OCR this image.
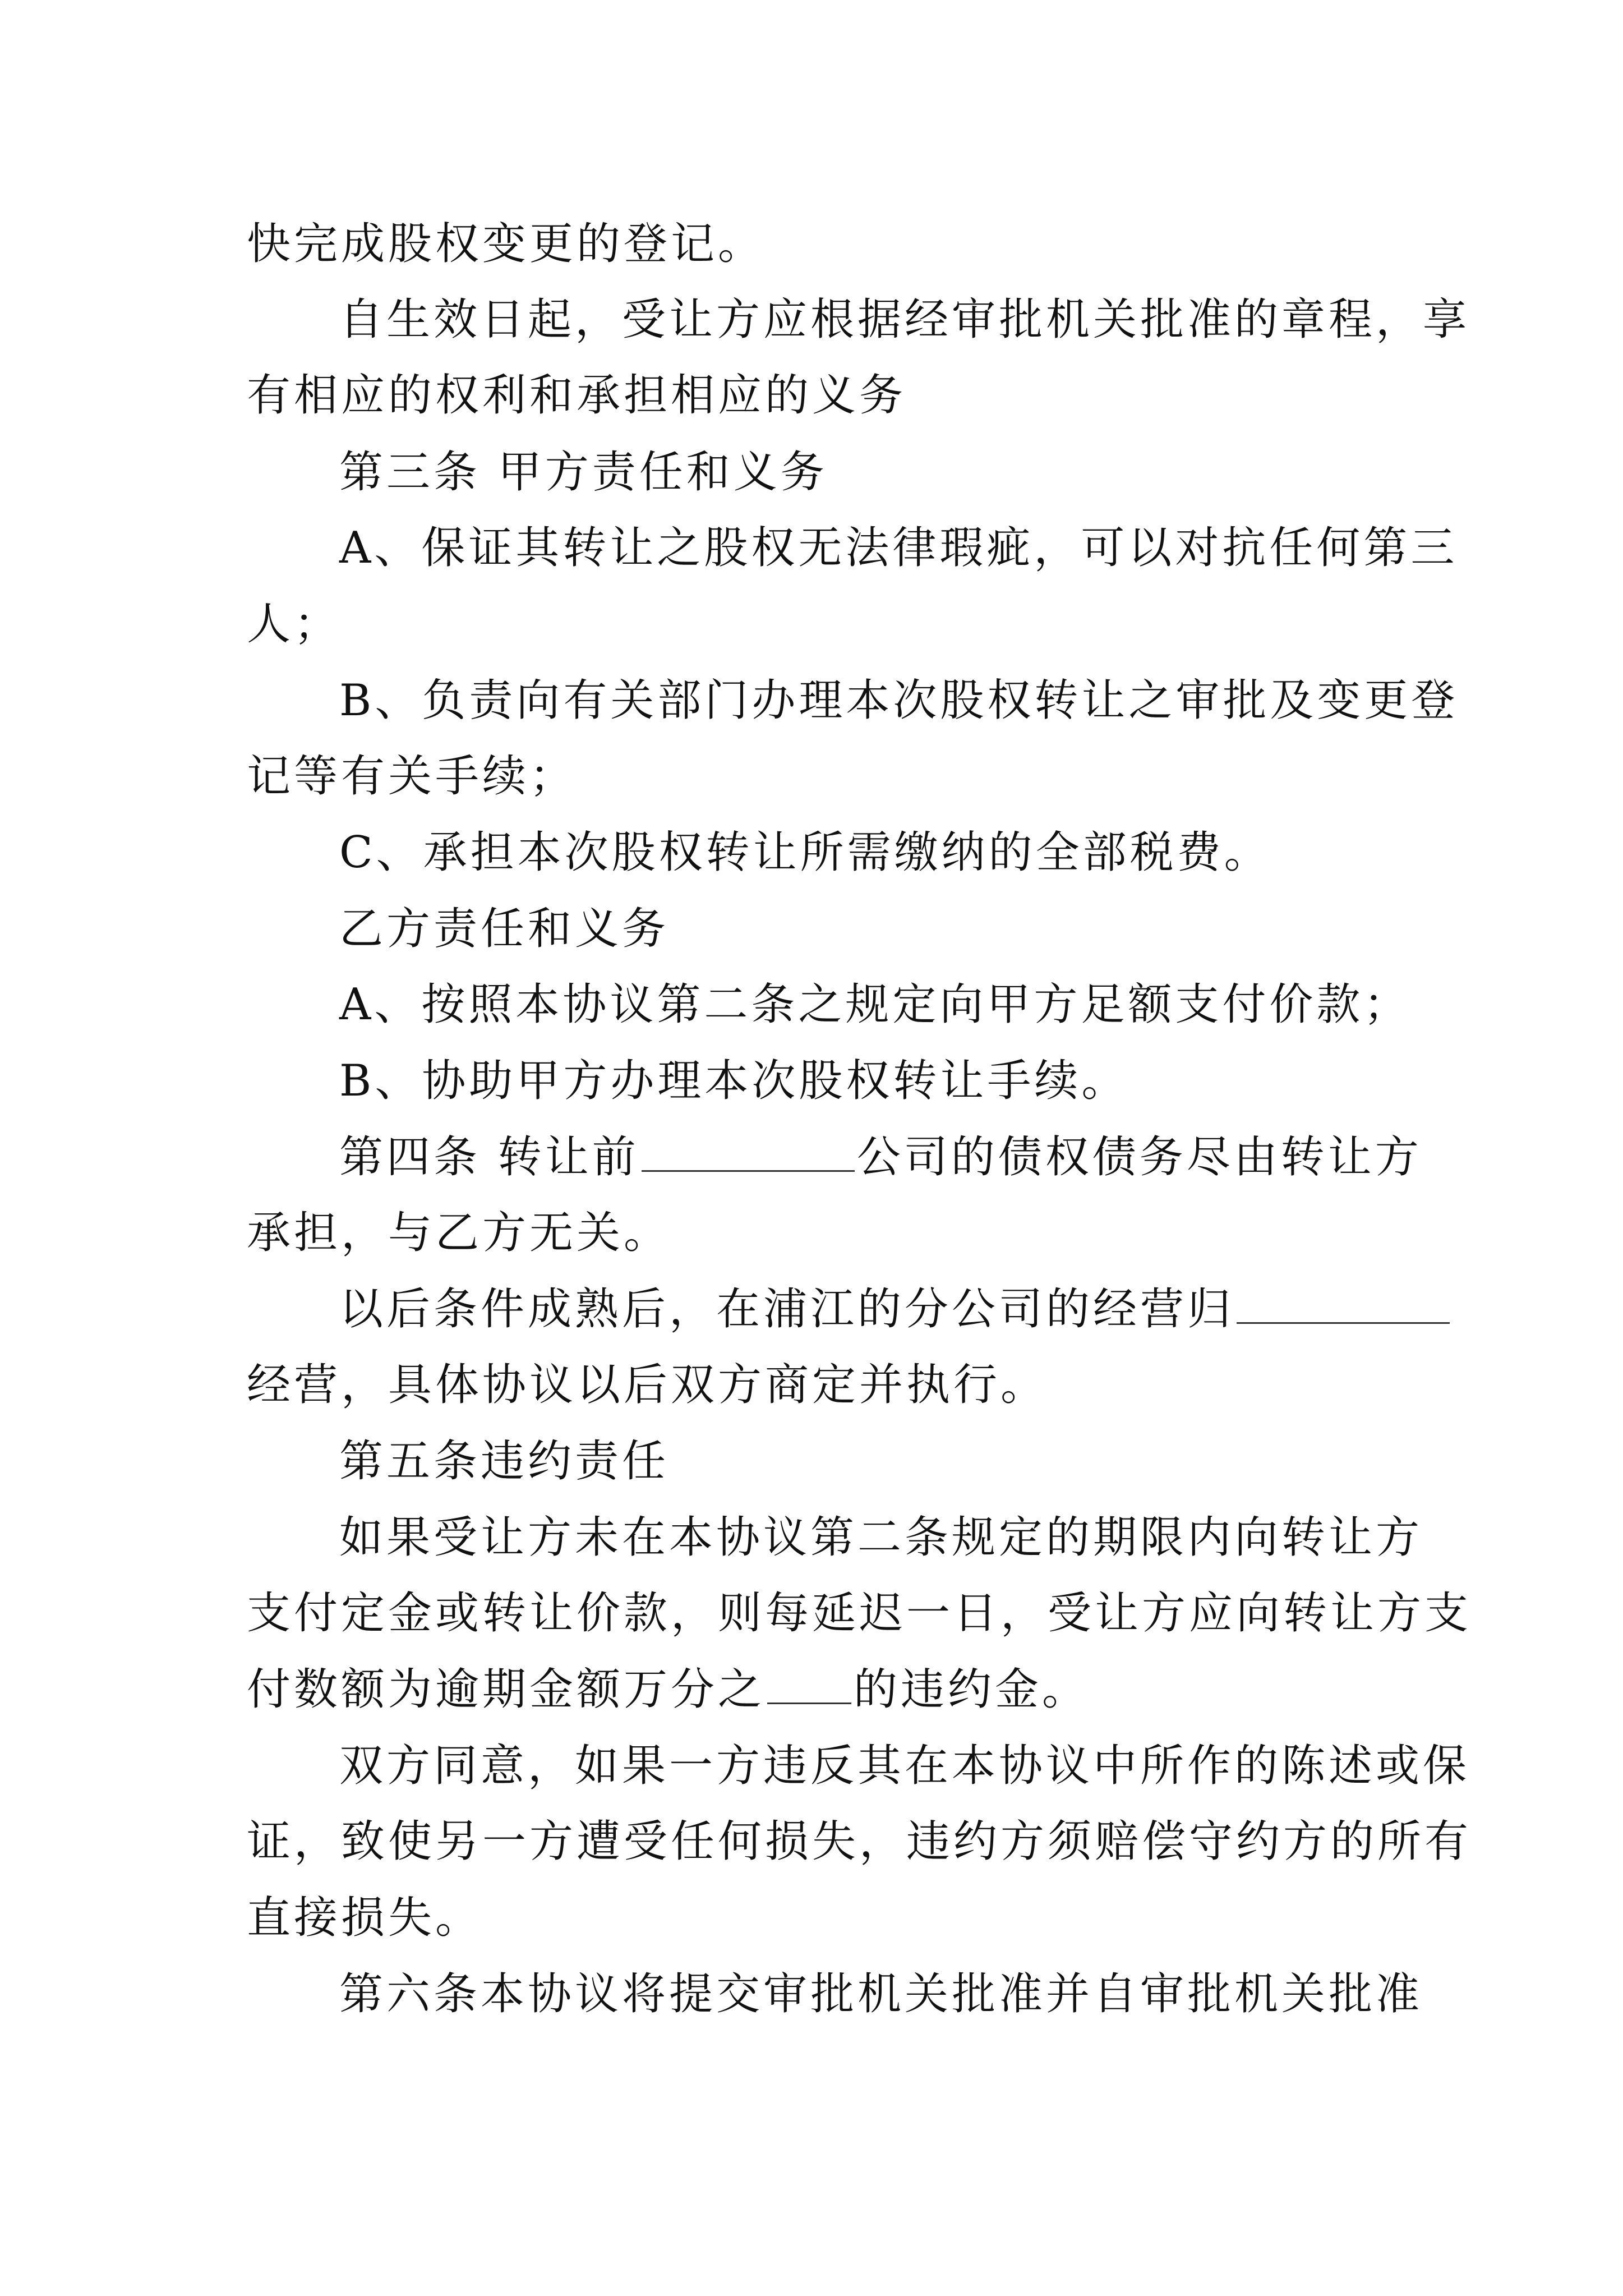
快完成股权变更的登记。
自生效日起，受让方应根据经审批机关批准的章程，享
有相应的权利和承担相应的义务
第三条 甲方责任和义务
A、保证其转让之股权无法律瑕疵，可以对抗任何第三
人；
B、负责向有关部门办理本次股权转让之审批及变更登
记等有关手续；
C、承担本次股权转让所需缴纳的全部税费。
乙方责任和义务
A、按照本协议第二条之规定向甲方足额支付价款；
B、协助甲方办理本次股权转让手续。
第四条 转让前	公司的债权债务尽由转让方
承担，与乙方无关。
以后条件成熟后，在浦江的分公司的经营归
经营，具体协议以后双方商定并执行。
第五条违约责任
如果受让方未在本协议第二条规定的期限内向转让方
支付定金或转让价款，则每延迟一日，受让方应向转让方支
付数额为逾期金额万分之 的违约金。
双方同意，如果一方违反其在本协议中所作的陈述或保
证，致使另一方遭受任何损失，违约方须赔偿守约方的所有
直接损失。
第六条本协议将提交审批机关批准并自审批机关批准
